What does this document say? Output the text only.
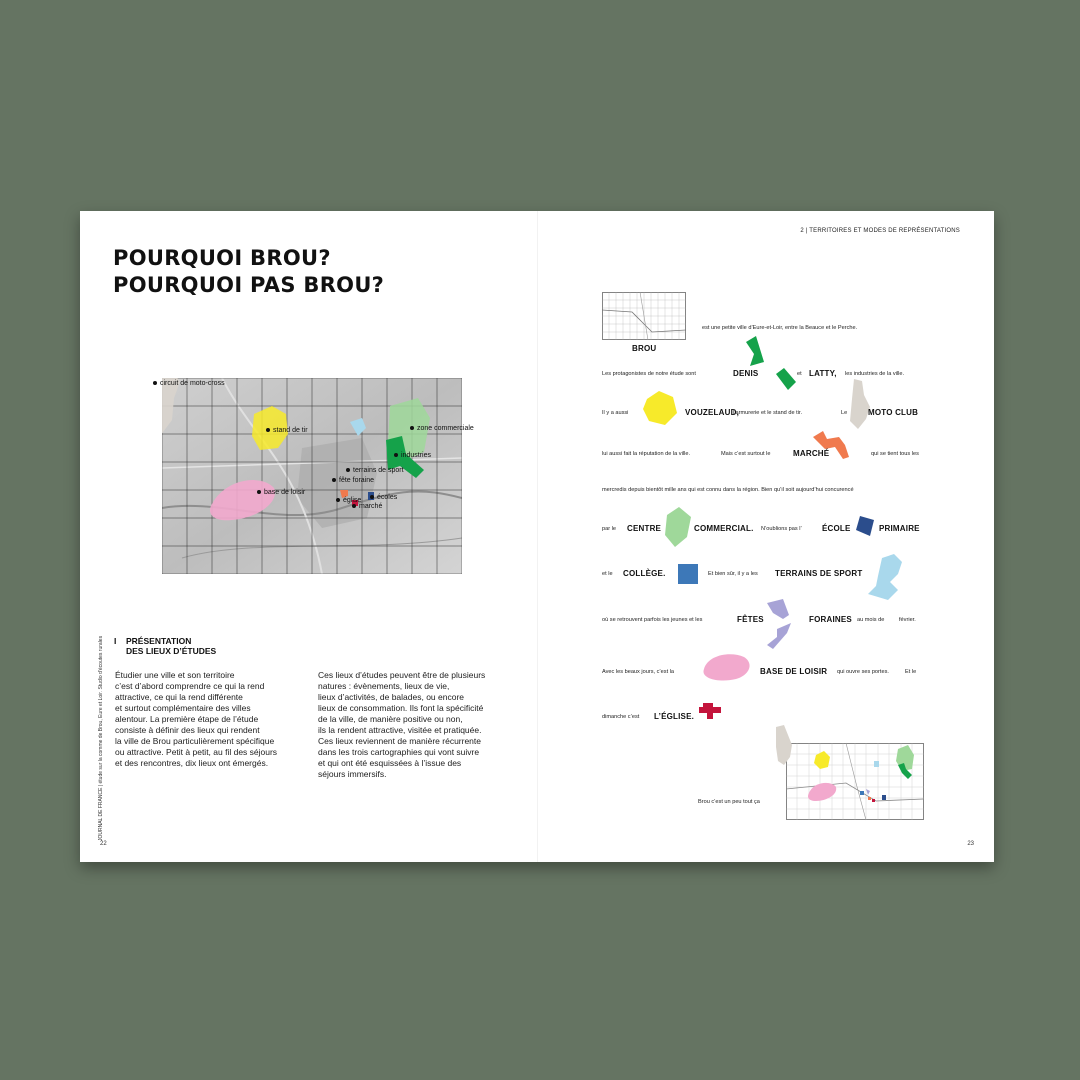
2 | TERRITOIRES ET MODES DE REPRÉSENTATIONS
POURQUOI BROU?
POURQUOI PAS BROU?
circuit de moto-cross
stand de tir	zone commerciale
industries
terrains de sport
fête foraine
base de loisir
écoles
église
marché
I PRÉSENTATION
DES LIEUX D’ÉTUDES
Étudier une ville et son territoire
c’est d’abord comprendre ce qui la rend
attractive, ce qui la rend différente
et surtout complémentaire des villes
alentour. La première étape de l’étude
consiste à définir des lieux qui rendent
la ville de Brou particulièrement spécifique
ou attractive. Petit à petit, au fil des séjours
et des rencontres, dix lieux ont émergés.
Ces lieux d’études peuvent être de plusieurs
natures : évènements, lieux de vie,
lieux d’activités, de balades, ou encore
lieux de consommation. Ils font la spécificité
de la ville, de manière positive ou non,
ils la rendent attractive, visitée et pratiquée.
Ces lieux reviennent de manière récurrente
dans les trois cartographies qui vont suivre
et qui ont été esquissées à l’issue des
séjours immersifs.
JOURNAL DE FRANCE | étude sur la comme de Brou, Eure et Loir. Studio d’écoutes rurales
22	23
BROU
est une petite ville d’Eure-et-Loir, entre la Beauce et le Perche.
Les protagonistes de notre étude sont	DENIS	et LATTY, les industries de la ville.
Il y a aussi	VOUZELAUD,
l’armurerie et le stand de tir.	Le	MOTO CLUB
lui aussi fait la réputation de la ville.	Mais c’est surtout le	MARCHÉ	qui se tient tous les
mercredis depuis bientôt mille ans qui est connu dans la région. Bien qu’il soit aujourd’hui concurencé
par le CENTRE	COMMERCIAL. N’oublions pas l’	ÉCOLE	PRIMAIRE
et le COLLÈGE.	Et bien sûr, il y a les TERRAINS DE SPORT
où se retrouvent parfois les jeunes et les	FÊTES	FORAINES au mois de	février.
Avec les beaux jours, c’est la	BASE DE LOISIR qui ouvre ses portes.	Et le
dimanche c’est L’ÉGLISE.
Brou c’est un peu tout ça
